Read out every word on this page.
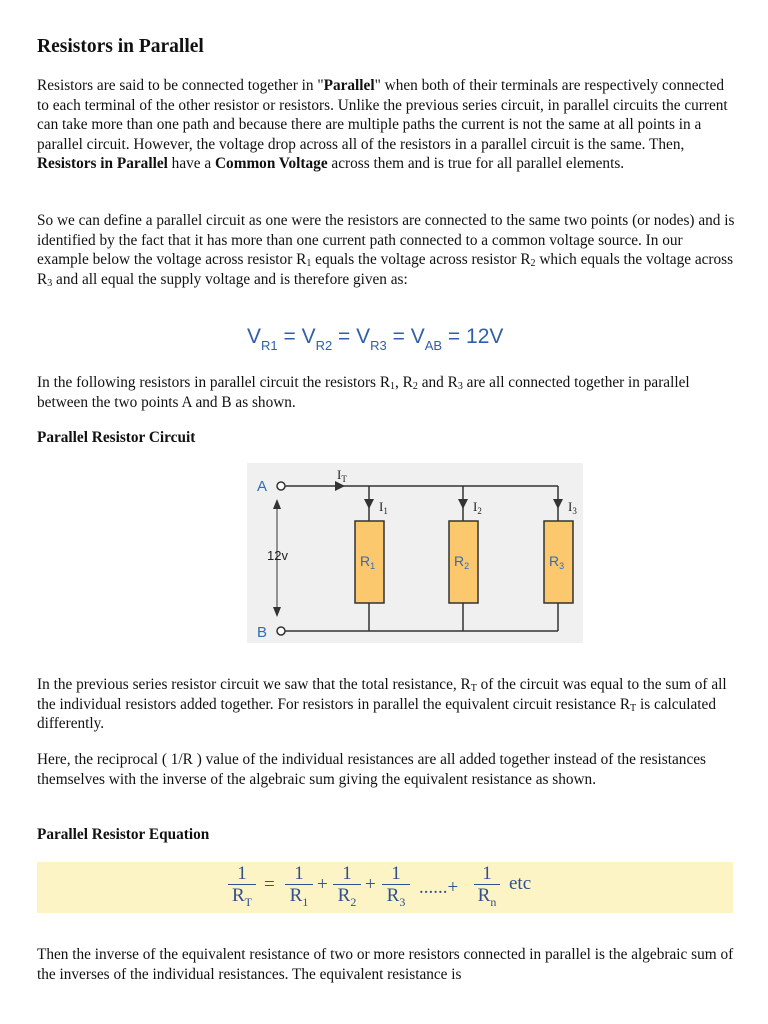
Resistors in Parallel

Resistors are said to be connected together in "Parallel" when both of their terminals are respectively connected to each terminal of the other resistor or resistors. Unlike the previous series circuit, in parallel circuits the current can take more than one path and because there are multiple paths the current is not the same at all points in a parallel circuit. However, the voltage drop across all of the resistors in a parallel circuit is the same. Then, Resistors in Parallel have a Common Voltage across them and is true for all parallel elements.

So we can define a parallel circuit as one were the resistors are connected to the same two points (or nodes) and is identified by the fact that it has more than one current path connected to a common voltage source. In our example below the voltage across resistor $R_1$ equals the voltage across resistor $R_2$ which equals the voltage across $R_3$ and all equal the supply voltage and is therefore given as:

$V_{R1} = V_{R2} = V_{R3} = V_{AB} = 12V$

In the following resistors in parallel circuit the resistors $R_1$, $R_2$ and $R_3$ are all connected together in parallel between the two points A and B as shown.

Parallel Resistor Circuit
A
B
12v
$I_T$
$I_1$	$I_2$	$I_3$
$R_1$	$R_2$	$R_3$

In the previous series resistor circuit we saw that the total resistance, $R_T$ of the circuit was equal to the sum of all the individual resistors added together. For resistors in parallel the equivalent circuit resistance $R_T$ is calculated differently.

Here, the reciprocal ( 1/R ) value of the individual resistances are all added together instead of the resistances themselves with the inverse of the algebraic sum giving the equivalent resistance as shown.

Parallel Resistor Equation
1
$R_T$
=
1
$R_1$
+
1
$R_2$
+
1
$R_3$
......+
1
$R_n$
etc

Then the inverse of the equivalent resistance of two or more resistors connected in parallel is the algebraic sum of the inverses of the individual resistances. The equivalent resistance is
